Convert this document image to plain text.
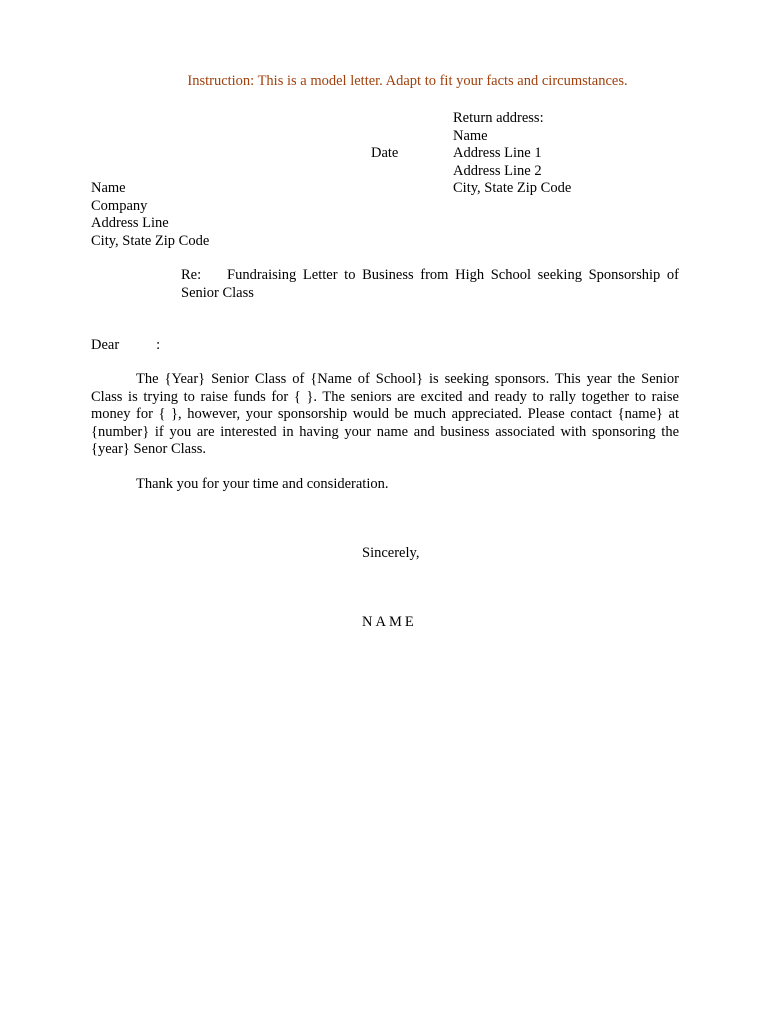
Instruction: This is a model letter. Adapt to fit your facts and circumstances.
Date
Return address:
Name
Address Line 1
Address Line 2
City, State Zip Code
Name
Company
Address Line
City, State Zip Code
Re: Fundraising Letter to Business from High School seeking Sponsorship of Senior Class
Dear	:
The {Year} Senior Class of {Name of School} is seeking sponsors. This year the Senior Class is trying to raise funds for { }. The seniors are excited and ready to rally together to raise money for { }, however, your sponsorship would be much appreciated. Please contact {name} at {number} if you are interested in having your name and business associated with sponsoring the {year} Senor Class.
Thank you for your time and consideration.
Sincerely,
NAME
